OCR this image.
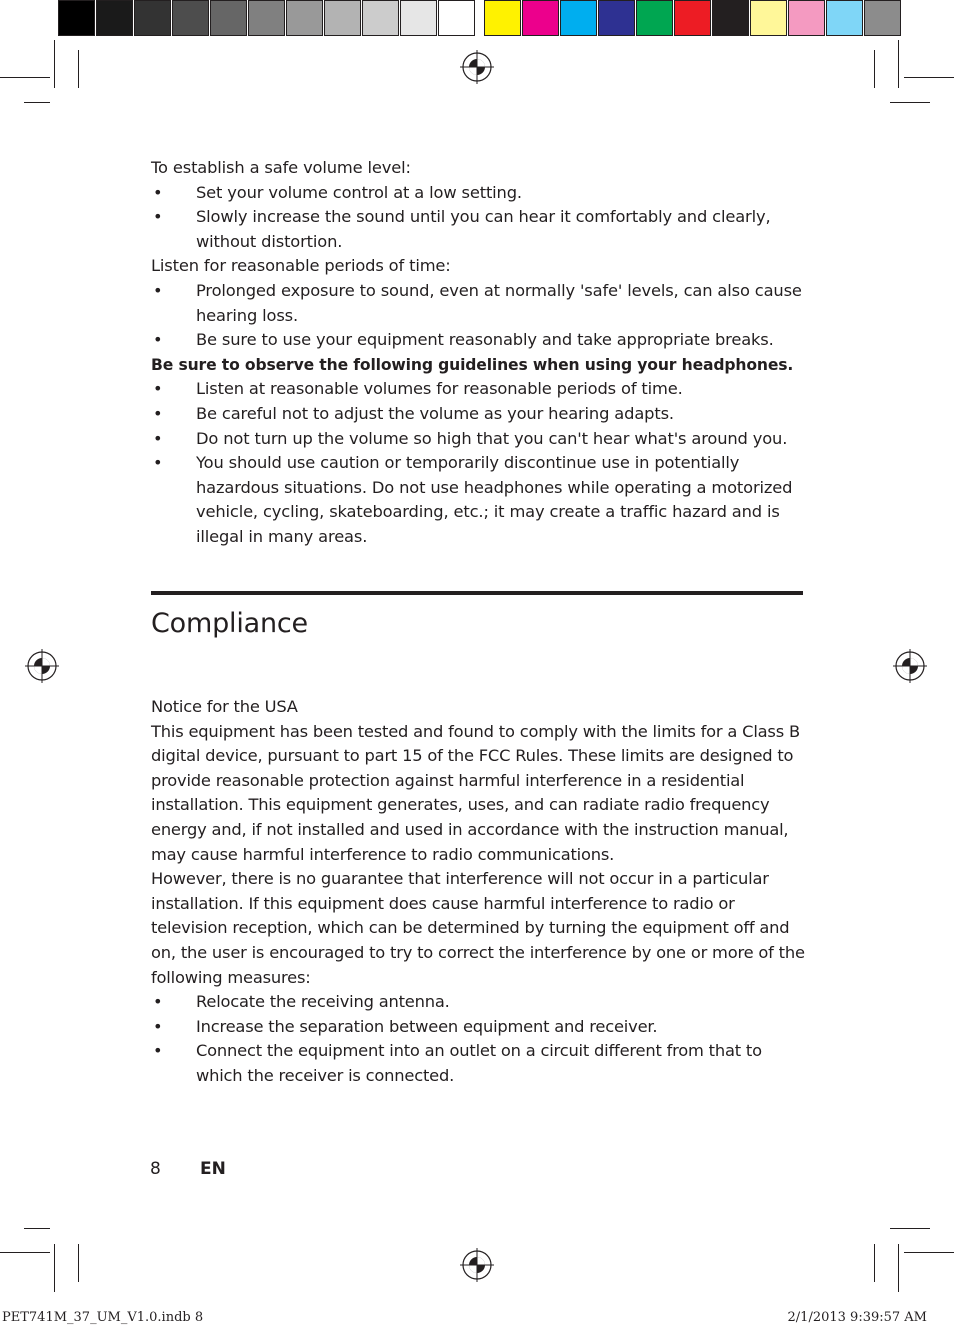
To establish a safe volume level:

• Set your volume control at a low setting.
• Slowly increase the sound until you can hear it comfortably and clearly, without distortion.

Listen for reasonable periods of time:

• Prolonged exposure to sound, even at normally 'safe' levels, can also cause hearing loss.
• Be sure to use your equipment reasonably and take appropriate breaks.

Be sure to observe the following guidelines when using your headphones.

• Listen at reasonable volumes for reasonable periods of time.
• Be careful not to adjust the volume as your hearing adapts.
• Do not turn up the volume so high that you can't hear what's around you.
• You should use caution or temporarily discontinue use in potentially hazardous situations. Do not use headphones while operating a motorized vehicle, cycling, skateboarding, etc.; it may create a traffic hazard and is illegal in many areas.
Compliance

Notice for the USA

This equipment has been tested and found to comply with the limits for a Class B digital device, pursuant to part 15 of the FCC Rules. These limits are designed to provide reasonable protection against harmful interference in a residential installation. This equipment generates, uses, and can radiate radio frequency energy and, if not installed and used in accordance with the instruction manual, may cause harmful interference to radio communications.

However, there is no guarantee that interference will not occur in a particular installation. If this equipment does cause harmful interference to radio or television reception, which can be determined by turning the equipment off and on, the user is encouraged to try to correct the interference by one or more of the following measures:

• Relocate the receiving antenna.
• Increase the separation between equipment and receiver.
• Connect the equipment into an outlet on a circuit different from that to which the receiver is connected.
8 EN
PET741M_37_UM_V1.0.indb 8	2/1/2013 9:39:57 AM
